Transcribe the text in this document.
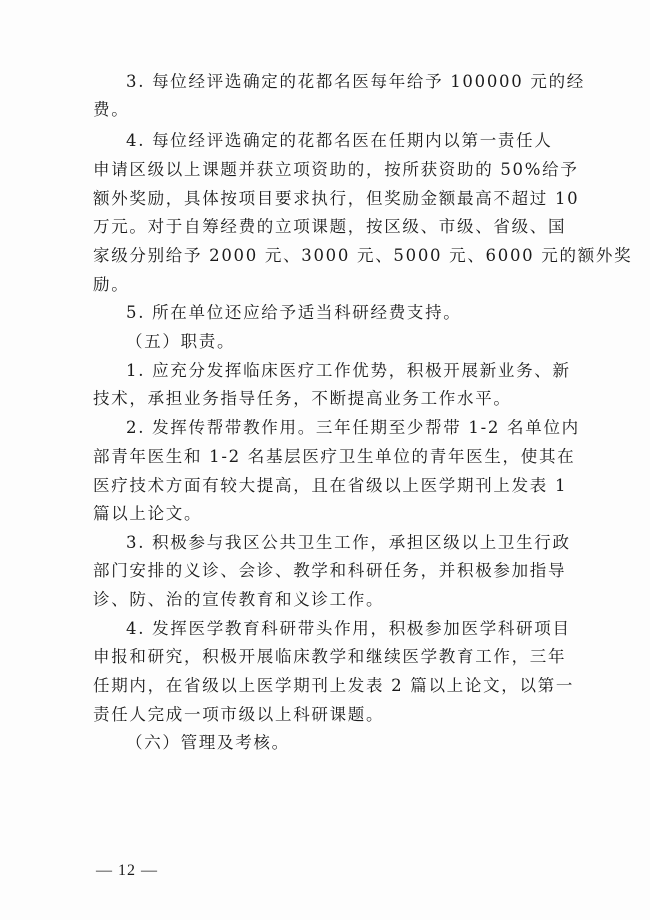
3. 每位经评选确定的花都名医每年给予 100000 元的经
费。
4. 每位经评选确定的花都名医在任期内以第一责任人
申请区级以上课题并获立项资助的，按所获资助的 50%给予
额外奖励，具体按项目要求执行，但奖励金额最高不超过 10
万元。对于自筹经费的立项课题，按区级、市级、省级、国
家级分别给予 2000 元、3000 元、5000 元、6000 元的额外奖
励。
5. 所在单位还应给予适当科研经费支持。
（五）职责。
1. 应充分发挥临床医疗工作优势，积极开展新业务、新
技术，承担业务指导任务，不断提高业务工作水平。
2. 发挥传帮带教作用。三年任期至少帮带 1-2 名单位内
部青年医生和 1-2 名基层医疗卫生单位的青年医生，使其在
医疗技术方面有较大提高，且在省级以上医学期刊上发表 1
篇以上论文。
3. 积极参与我区公共卫生工作，承担区级以上卫生行政
部门安排的义诊、会诊、教学和科研任务，并积极参加指导
诊、防、治的宣传教育和义诊工作。
4. 发挥医学教育科研带头作用，积极参加医学科研项目
申报和研究，积极开展临床教学和继续医学教育工作，三年
任期内，在省级以上医学期刊上发表 2 篇以上论文，以第一
责任人完成一项市级以上科研课题。
（六）管理及考核。
— 12 —
